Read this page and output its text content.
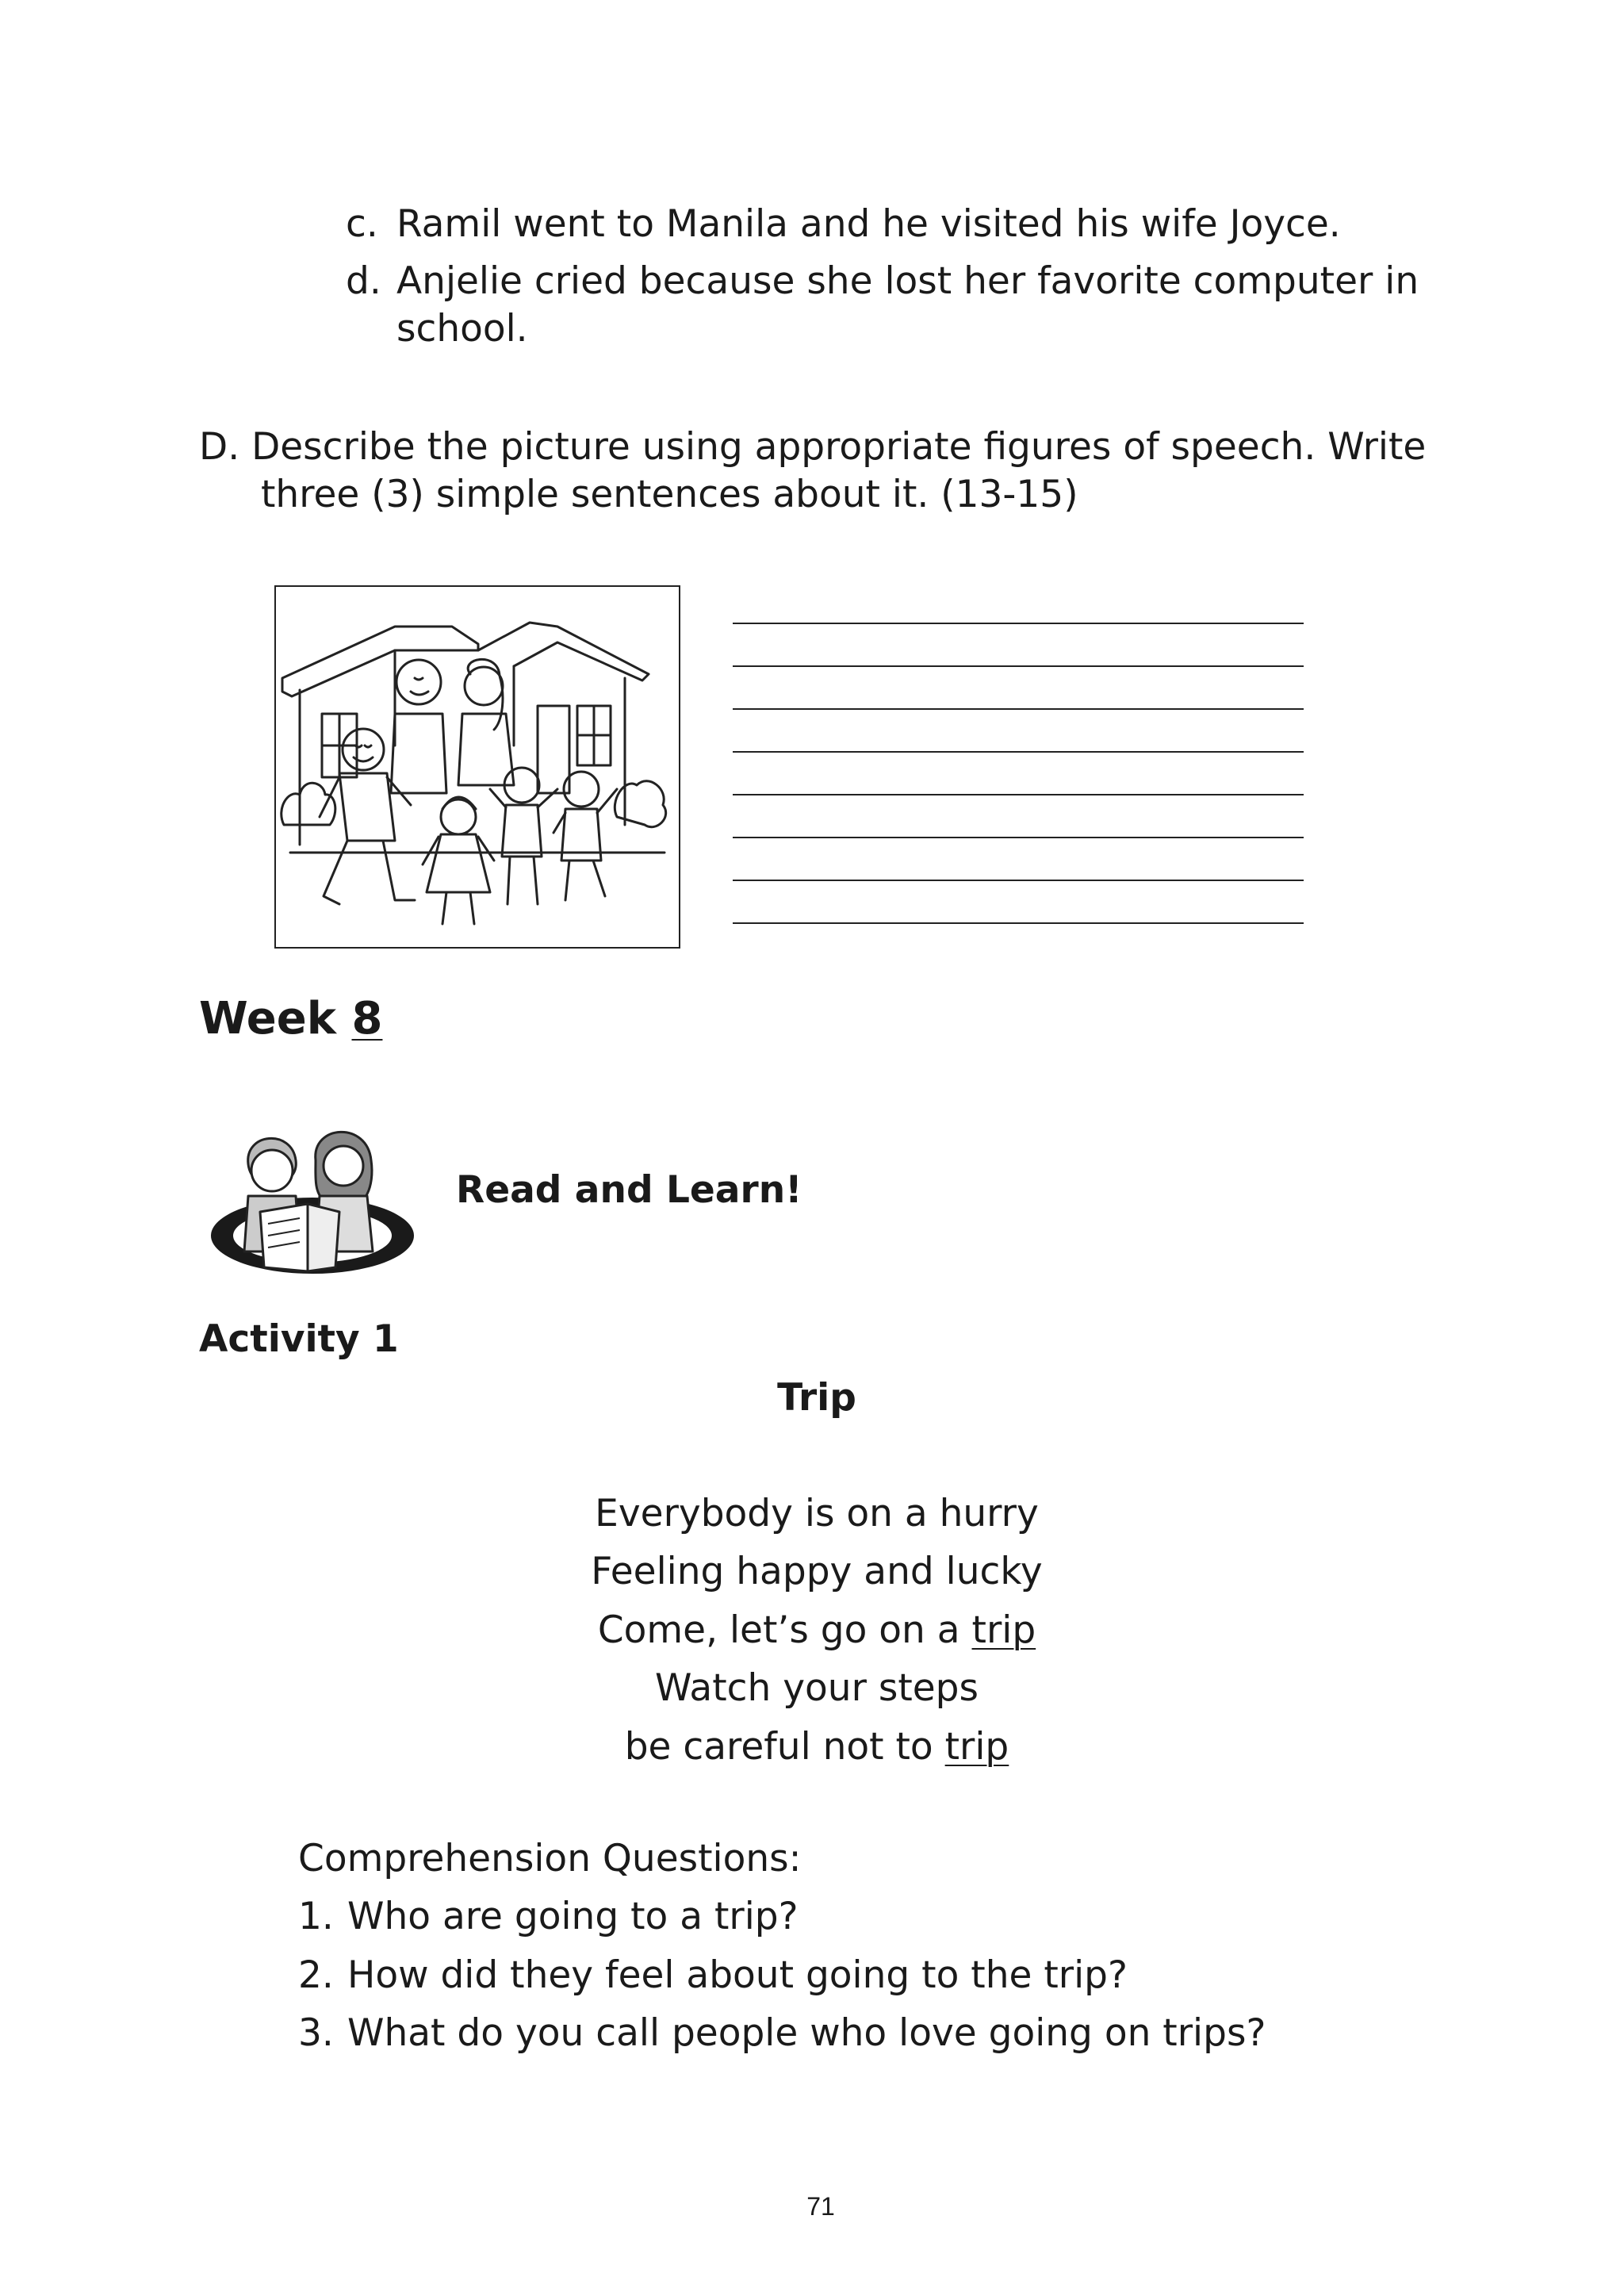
c. Ramil went to Manila and he visited his wife Joyce.
d. Anjelie cried because she lost her favorite computer in
school.
D. Describe the picture using appropriate figures of speech. Write
three (3) simple sentences about it. (13-15)
Week 8
Read and Learn!
Activity 1
Trip
Everybody is on a hurry
Feeling happy and lucky
Come, let’s go on a trip
Watch your steps
be careful not to trip
Comprehension Questions:
1. Who are going to a trip?
2. How did they feel about going to the trip?
3. What do you call people who love going on trips?
71
